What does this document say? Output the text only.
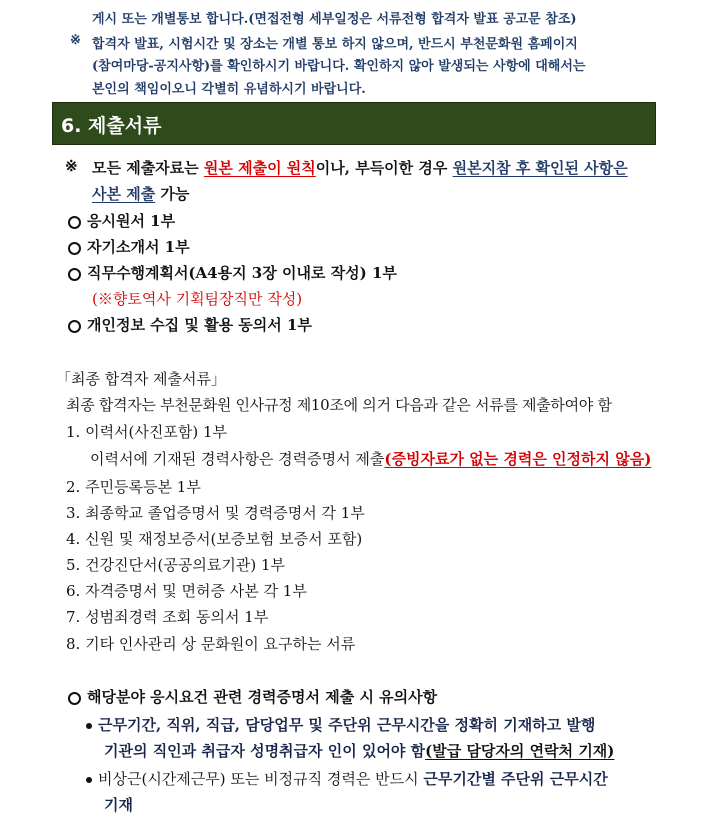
게시 또는 개별통보 합니다.(면접전형 세부일정은 서류전형 합격자 발표 공고문 참조)
※ 합격자 발표, 시험시간 및 장소는 개별 통보 하지 않으며, 반드시 부천문화원 홈페이지
(참여마당-공지사항)를 확인하시기 바랍니다. 확인하지 않아 발생되는 사항에 대해서는
본인의 책임이오니 각별히 유념하시기 바랍니다.
6. 제출서류
※ 모든 제출자료는 원본 제출이 원칙이나, 부득이한 경우 원본지참 후 확인된 사항은
사본 제출 가능
응시원서 1부
자기소개서 1부
직무수행계획서(A4용지 3장 이내로 작성) 1부
(※향토역사 기획팀장직만 작성)
개인정보 수집 및 활용 동의서 1부
「최종 합격자 제출서류」
최종 합격자는 부천문화원 인사규정 제10조에 의거 다음과 같은 서류를 제출하여야 함
1. 이력서(사진포함) 1부
이력서에 기재된 경력사항은 경력증명서 제출(증빙자료가 없는 경력은 인정하지 않음)
2. 주민등록등본 1부
3. 최종학교 졸업증명서 및 경력증명서 각 1부
4. 신원 및 재정보증서(보증보험 보증서 포함)
5. 건강진단서(공공의료기관) 1부
6. 자격증명서 및 면허증 사본 각 1부
7. 성범죄경력 조회 동의서 1부
8. 기타 인사관리 상 문화원이 요구하는 서류
해당분야 응시요건 관련 경력증명서 제출 시 유의사항
근무기간, 직위, 직급, 담당업무 및 주단위 근무시간을 정확히 기재하고 발행
기관의 직인과 취급자 성명취급자 인이 있어야 함(발급 담당자의 연락처 기재)
비상근(시간제근무) 또는 비정규직 경력은 반드시 근무기간별 주단위 근무시간
기재
